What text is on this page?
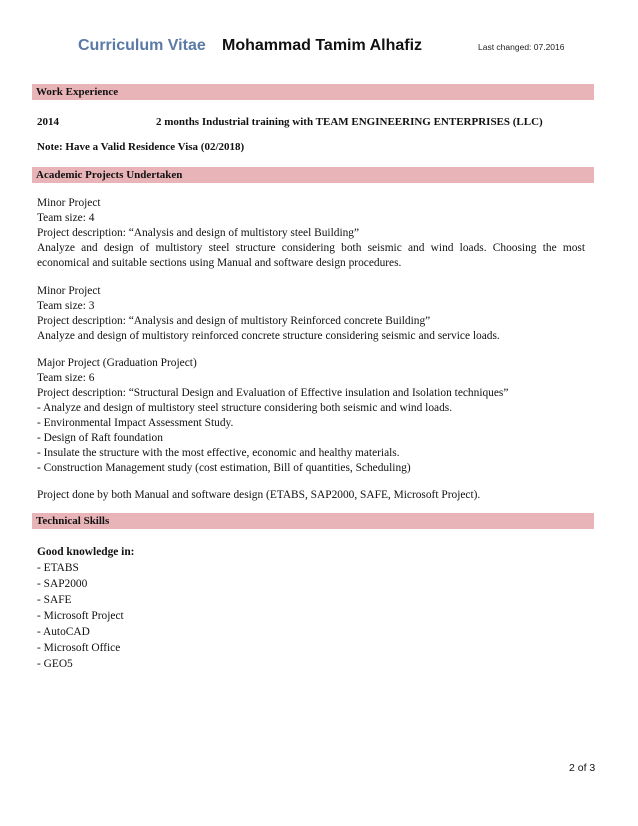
Curriculum Vitae Mohammad Tamim Alhafiz	Last changed: 07.2016
Work Experience
2014	2 months Industrial training with TEAM ENGINEERING ENTERPRISES (LLC)
Note: Have a Valid Residence Visa (02/2018)
Academic Projects Undertaken
Minor Project
Team size: 4
Project description: “Analysis and design of multistory steel Building”
Analyze and design of multistory steel structure considering both seismic and wind loads. Choosing the most economical and suitable sections using Manual and software design procedures.
Minor Project
Team size: 3
Project description: “Analysis and design of multistory Reinforced concrete Building”
Analyze and design of multistory reinforced concrete structure considering seismic and service loads.
Major Project (Graduation Project)
Team size: 6
Project description: “Structural Design and Evaluation of Effective insulation and Isolation techniques”
- Analyze and design of multistory steel structure considering both seismic and wind loads.
- Environmental Impact Assessment Study.
- Design of Raft foundation
- Insulate the structure with the most effective, economic and healthy materials.
- Construction Management study (cost estimation, Bill of quantities, Scheduling)
Project done by both Manual and software design (ETABS, SAP2000, SAFE, Microsoft Project).
Technical Skills
Good knowledge in:
- ETABS
- SAP2000
- SAFE
- Microsoft Project
- AutoCAD
- Microsoft Office
- GEO5
2 of 3
